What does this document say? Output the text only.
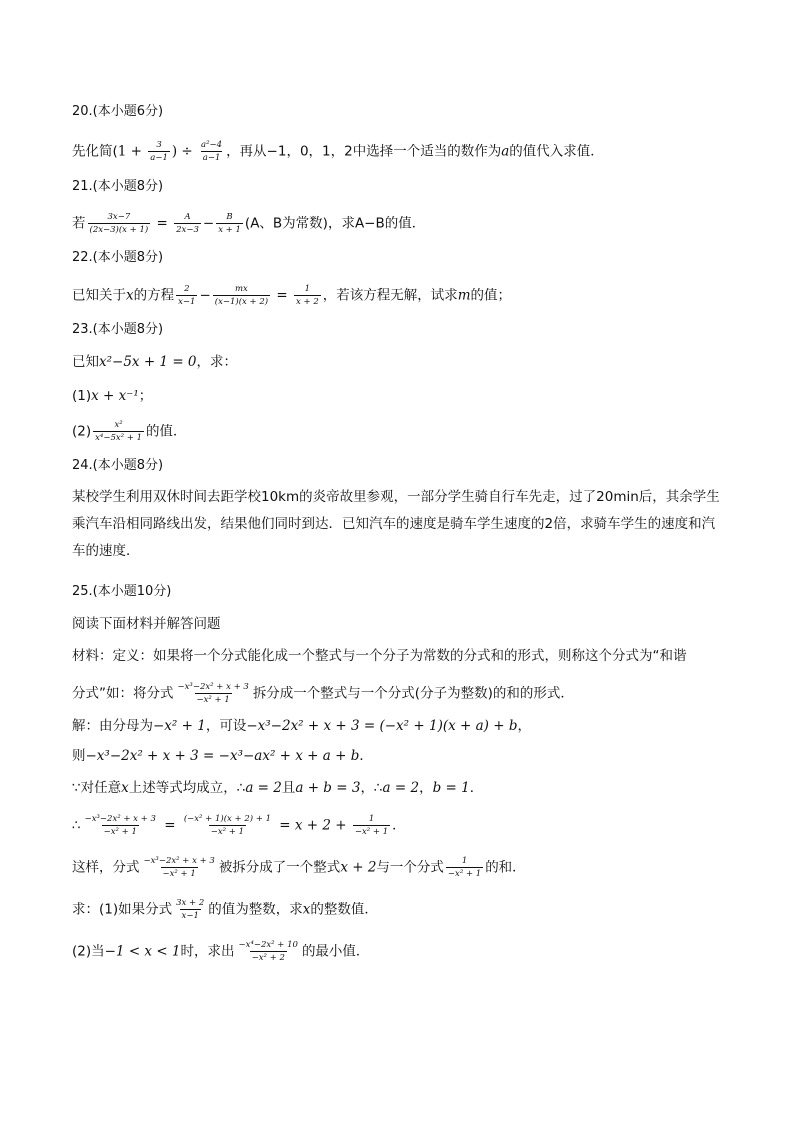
20.(本小题6分)
先化简($1 + \frac{3}{a-1}$ ) ÷ $\frac{\text{a²−4}}{a-1}$ ，再从−1，0，1，2中选择一个适当的数作为a的值代入求值．
21.(本小题8分)
若 $\frac{3x-7}{(2x-3)(x + 1)} = \frac{A}{2x-3} - \frac{B}{x + 1} (A$、B为常数)，求A−B的值．
22.(本小题8分)
已知关于x的方程 $\frac{2}{x-1} - \frac{mx}{(x-1)(x + 2)} = \frac{1}{x + 2}$ ，若该方程无解，试求m的值；
23.(本小题8分)
已知x²−5x + 1 = 0，求：
(1)x + x⁻¹；
$(2) \frac{\text{x²}}{\text{x⁴−5x² + 1}}$ 的值．
24.(本小题8分)
某校学生利用双休时间去距学校10km的炎帝故里参观，一部分学生骑自行车先走，过了20min后，其余学生乘汽车沿相同路线出发，结果他们同时到达．已知汽车的速度是骑车学生速度的2倍，求骑车学生的速度和汽车的速度．
25.(本小题10分)
阅读下面材料并解答问题
材料：定义：如果将一个分式能化成一个整式与一个分子为常数的分式和的形式，则称这个分式为“和谐
分式”如：将分式 $\frac{\text{−x³−2x² + x + 3}}{\text{−x² + 1}}$ 拆分成一个整式与一个分式(分子为整数)的和的形式．
解：由分母为−x² + 1，可设−x³−2x² + x + 3 = (−x² + 1)(x + a) + b，
则−x³−2x² + x + 3 = −x³−ax² + x + a + b．
∵对任意x上述等式均成立，∴a = 2且a + b = 3，∴a = 2，b = 1．
∴ $\frac{\text{−x³−2x² + x + 3}}{\text{−x² + 1}} = \frac{\text{(−x² + 1)(x + 2) + 1}}{\text{−x² + 1}} = x + 2 + \frac{1}{\text{−x² + 1}}$ ．
这样，分式 $\frac{\text{−x³−2x² + x + 3}}{\text{−x² + 1}}$ 被拆分成了一个整式x + 2与一个分式 $\frac{1}{\text{−x² + 1}}$ 的和．
求：(1)如果分式 $\frac{3x + 2}{x-1}$ 的值为整数，求x的整数值．
(2)当−1 < x < 1时，求出 $\frac{\text{−x⁴−2x² + 10}}{\text{−x² + 2}}$ 的最小值．
